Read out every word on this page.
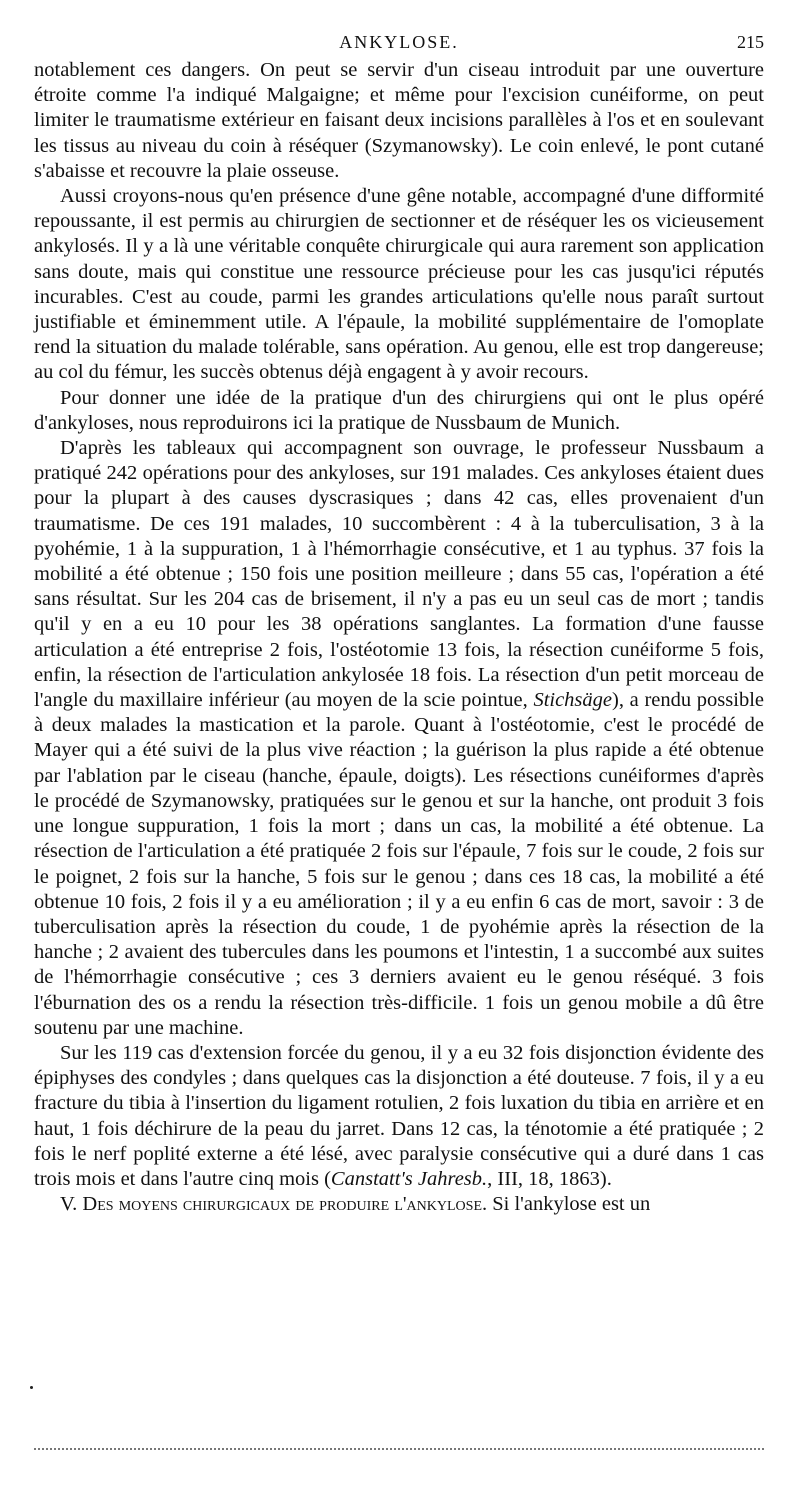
ANKYLOSE.	215

notablement ces dangers. On peut se servir d'un ciseau introduit par une ouverture étroite comme l'a indiqué Malgaigne; et même pour l'excision cunéiforme, on peut limiter le traumatisme extérieur en faisant deux incisions parallèles à l'os et en soulevant les tissus au niveau du coin à réséquer (Szymanowsky). Le coin enlevé, le pont cutané s'abaisse et recouvre la plaie osseuse.

Aussi croyons-nous qu'en présence d'une gêne notable, accompagné d'une difformité repoussante, il est permis au chirurgien de sectionner et de réséquer les os vicieusement ankylosés. Il y a là une véritable conquête chirurgicale qui aura rarement son application sans doute, mais qui constitue une ressource précieuse pour les cas jusqu'ici réputés incurables. C'est au coude, parmi les grandes articulations qu'elle nous paraît surtout justifiable et éminemment utile. A l'épaule, la mobilité supplémentaire de l'omoplate rend la situation du malade tolérable, sans opération. Au genou, elle est trop dangereuse; au col du fémur, les succès obtenus déjà engagent à y avoir recours.

Pour donner une idée de la pratique d'un des chirurgiens qui ont le plus opéré d'ankyloses, nous reproduirons ici la pratique de Nussbaum de Munich.

D'après les tableaux qui accompagnent son ouvrage, le professeur Nussbaum a pratiqué 242 opérations pour des ankyloses, sur 191 malades. Ces ankyloses étaient dues pour la plupart à des causes dyscrasiques ; dans 42 cas, elles provenaient d'un traumatisme. De ces 191 malades, 10 succombèrent : 4 à la tuberculisation, 3 à la pyohémie, 1 à la suppuration, 1 à l'hémorrhagie consécutive, et 1 au typhus. 37 fois la mobilité a été obtenue ; 150 fois une position meilleure ; dans 55 cas, l'opération a été sans résultat. Sur les 204 cas de brisement, il n'y a pas eu un seul cas de mort ; tandis qu'il y en a eu 10 pour les 38 opérations sanglantes. La formation d'une fausse articulation a été entreprise 2 fois, l'ostéotomie 13 fois, la résection cunéiforme 5 fois, enfin, la résection de l'articulation ankylosée 18 fois. La résection d'un petit morceau de l'angle du maxillaire inférieur (au moyen de la scie pointue, Stichsäge), a rendu possible à deux malades la mastication et la parole. Quant à l'ostéotomie, c'est le procédé de Mayer qui a été suivi de la plus vive réaction ; la guérison la plus rapide a été obtenue par l'ablation par le ciseau (hanche, épaule, doigts). Les résections cunéiformes d'après le procédé de Szymanowsky, pratiquées sur le genou et sur la hanche, ont produit 3 fois une longue suppuration, 1 fois la mort ; dans un cas, la mobilité a été obtenue. La résection de l'articulation a été pratiquée 2 fois sur l'épaule, 7 fois sur le coude, 2 fois sur le poignet, 2 fois sur la hanche, 5 fois sur le genou ; dans ces 18 cas, la mobilité a été obtenue 10 fois, 2 fois il y a eu amélioration ; il y a eu enfin 6 cas de mort, savoir : 3 de tuberculisation après la résection du coude, 1 de pyohémie après la résection de la hanche ; 2 avaient des tubercules dans les poumons et l'intestin, 1 a succombé aux suites de l'hémorrhagie consécutive ; ces 3 derniers avaient eu le genou réséqué. 3 fois l'éburnation des os a rendu la résection très-difficile. 1 fois un genou mobile a dû être soutenu par une machine.

Sur les 119 cas d'extension forcée du genou, il y a eu 32 fois disjonction évidente des épiphyses des condyles ; dans quelques cas la disjonction a été douteuse. 7 fois, il y a eu fracture du tibia à l'insertion du ligament rotulien, 2 fois luxation du tibia en arrière et en haut, 1 fois déchirure de la peau du jarret. Dans 12 cas, la ténotomie a été pratiquée ; 2 fois le nerf poplité externe a été lésé, avec paralysie consécutive qui a duré dans 1 cas trois mois et dans l'autre cinq mois (Canstatt's Jahresb., III, 18, 1863).

V. Des moyens chirurgicaux de produire l'ankylose. Si l'ankylose est un
